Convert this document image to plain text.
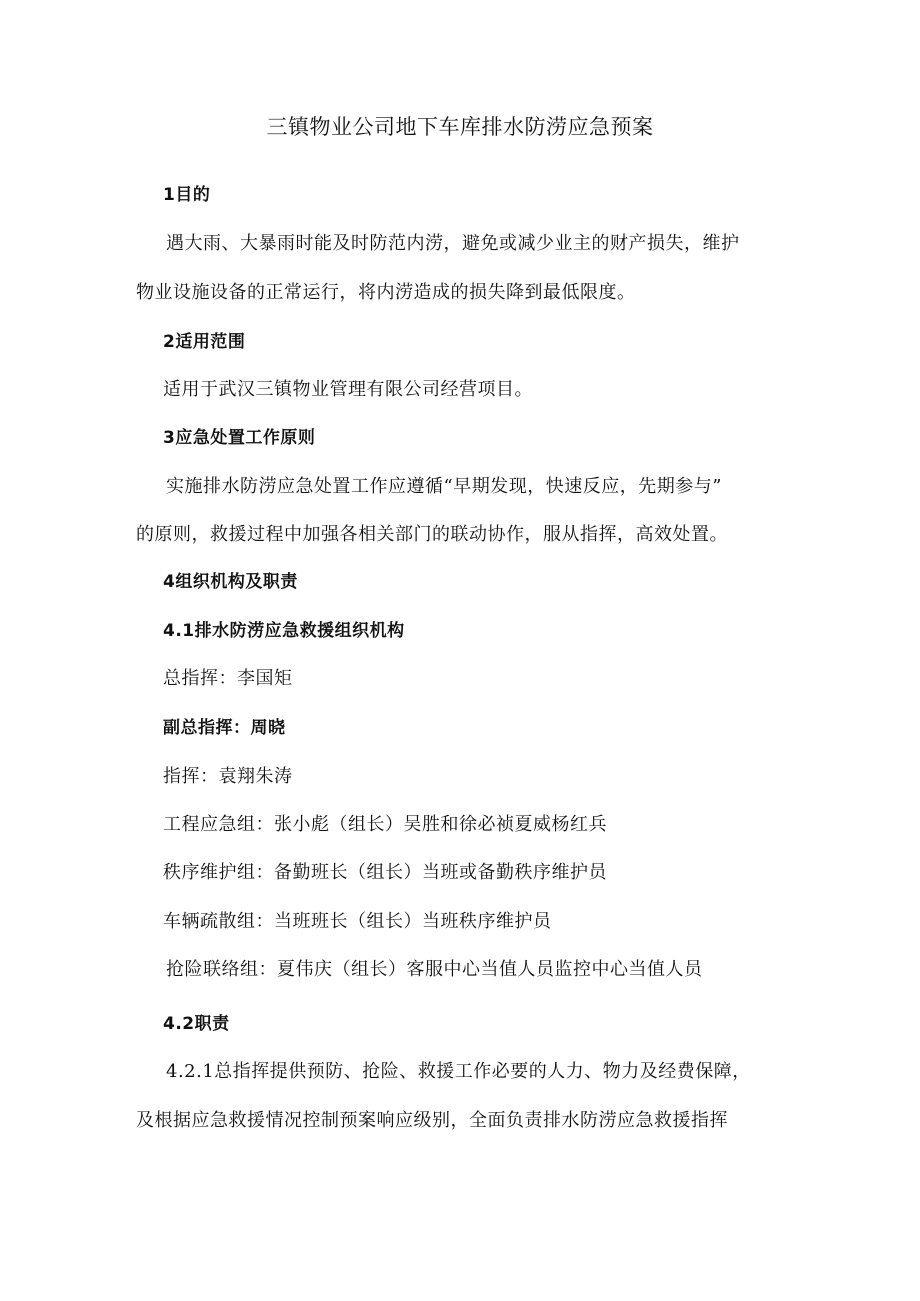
三镇物业公司地下车库排水防涝应急预案
1目的
遇大雨、大暴雨时能及时防范内涝，避免或减少业主的财产损失，维护
物业设施设备的正常运行，将内涝造成的损失降到最低限度。
2适用范围
适用于武汉三镇物业管理有限公司经营项目。
3应急处置工作原则
实施排水防涝应急处置工作应遵循“早期发现，快速反应，先期参与”
的原则，救援过程中加强各相关部门的联动协作，服从指挥，高效处置。
4组织机构及职责
4.1排水防涝应急救援组织机构
总指挥：李国矩
副总指挥：周晓
指挥：袁翔朱涛
工程应急组：张小彪（组长）吴胜和徐必祯夏威杨红兵
秩序维护组：备勤班长（组长）当班或备勤秩序维护员
车辆疏散组：当班班长（组长）当班秩序维护员
抢险联络组：夏伟庆（组长）客服中心当值人员监控中心当值人员
4.2职责
4.2.1总指挥提供预防、抢险、救援工作必要的人力、物力及经费保障，
及根据应急救援情况控制预案响应级别，全面负责排水防涝应急救援指挥
